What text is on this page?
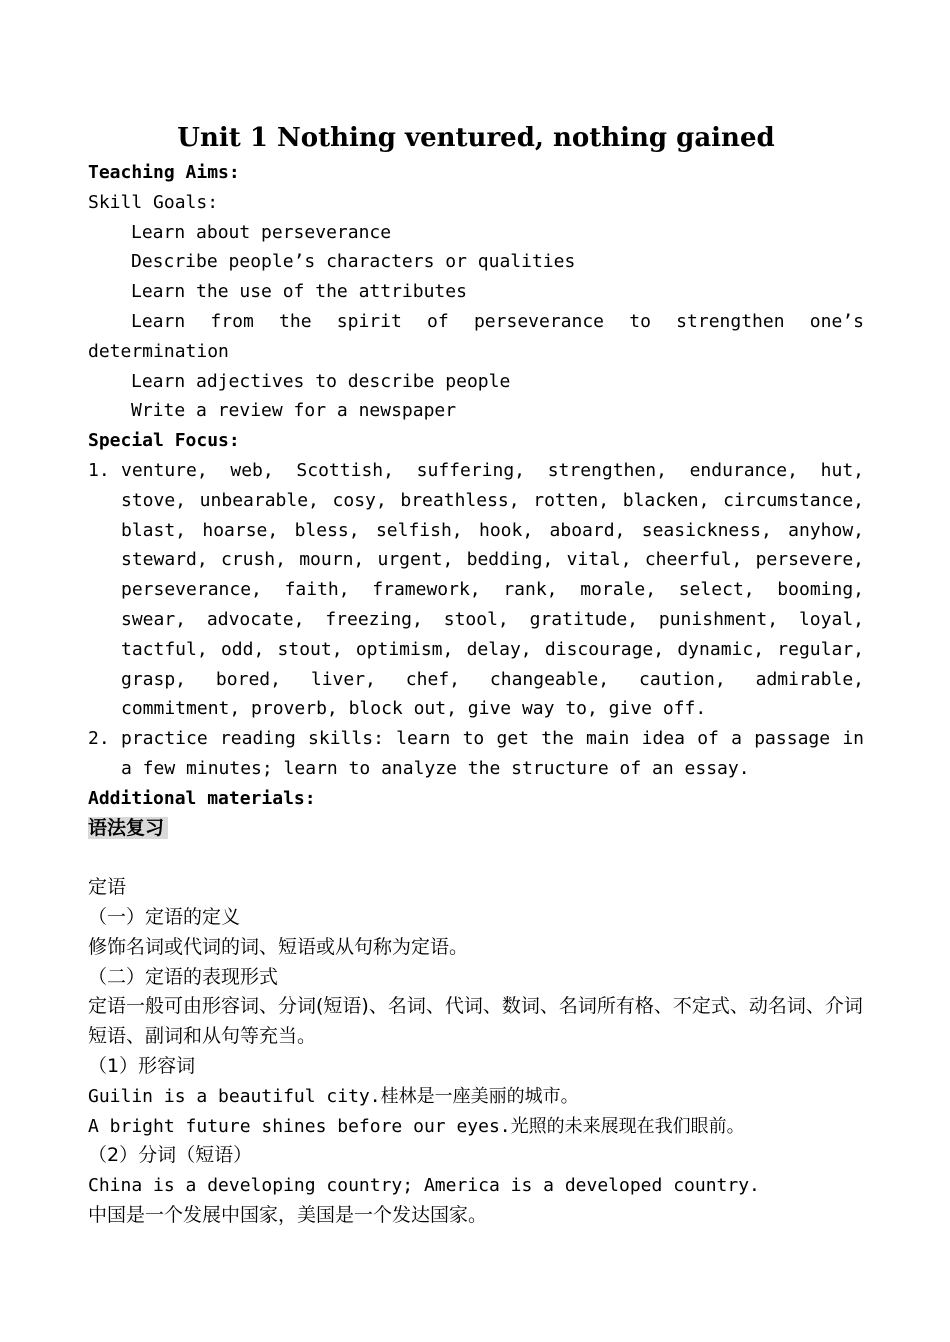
Unit 1 Nothing ventured, nothing gained
Teaching Aims:
Skill Goals:
Learn about perseverance
Describe people’s characters or qualities
Learn the use of the attributes
Learn from the spirit of perseverance to strengthen one’s
determination
Learn adjectives to describe people
Write a review for a newspaper
Special Focus:
1. venture, web, Scottish, suffering, strengthen, endurance, hut, stove, unbearable, cosy, breathless, rotten, blacken, circumstance, blast, hoarse, bless, selfish, hook, aboard, seasickness, anyhow, steward, crush, mourn, urgent, bedding, vital, cheerful, persevere, perseverance, faith, framework, rank, morale, select, booming, swear, advocate, freezing, stool, gratitude, punishment, loyal, tactful, odd, stout, optimism, delay, discourage, dynamic, regular, grasp, bored, liver, chef, changeable, caution, admirable, commitment, proverb, block out, give way to, give off.
2. practice reading skills: learn to get the main idea of a passage in a few minutes; learn to analyze the structure of an essay.
Additional materials:
语法复习
定语
（一）定语的定义
修饰名词或代词的词、短语或从句称为定语。
（二）定语的表现形式
定语一般可由形容词、分词(短语)、名词、代词、数词、名词所有格、不定式、动名词、介词短语、副词和从句等充当。
（1）形容词
Guilin is a beautiful city.桂林是一座美丽的城市。
A bright future shines before our eyes.光照的未来展现在我们眼前。
（2）分词（短语）
China is a developing country; America is a developed country.
中国是一个发展中国家，美国是一个发达国家。
